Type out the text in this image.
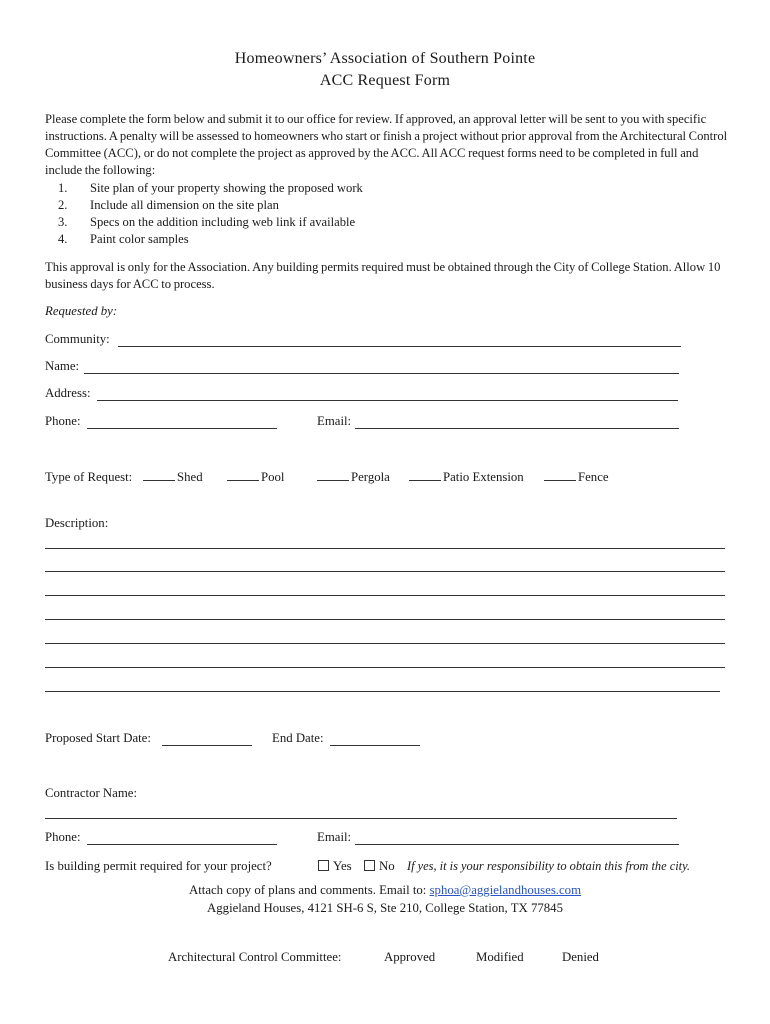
Homeowners’ Association of Southern Pointe
ACC Request Form
Please complete the form below and submit it to our office for review. If approved, an approval letter will be sent to you with specific instructions. A penalty will be assessed to homeowners who start or finish a project without prior approval from the Architectural Control Committee (ACC), or do not complete the project as approved by the ACC. All ACC request forms need to be completed in full and include the following:
1.	Site plan of your property showing the proposed work
2.	Include all dimension on the site plan
3.	Specs on the addition including web link if available
4.	Paint color samples
This approval is only for the Association. Any building permits required must be obtained through the City of College Station. Allow 10 business days for ACC to process.
Requested by:
Community:
Name:
Address:
Phone:	Email:
Type of Request:	Shed	Pool	Pergola	Patio Extension	Fence
Description:
Proposed Start Date:	End Date:
Contractor Name:
Phone:	Email:
Is building permit required for your project?	Yes	No If yes, it is your responsibility to obtain this from the city.
Attach copy of plans and comments. Email to: sphoa@aggielandhouses.com
Aggieland Houses, 4121 SH-6 S, Ste 210, College Station, TX 77845
Architectural Control Committee:	Approved	Modified	Denied
